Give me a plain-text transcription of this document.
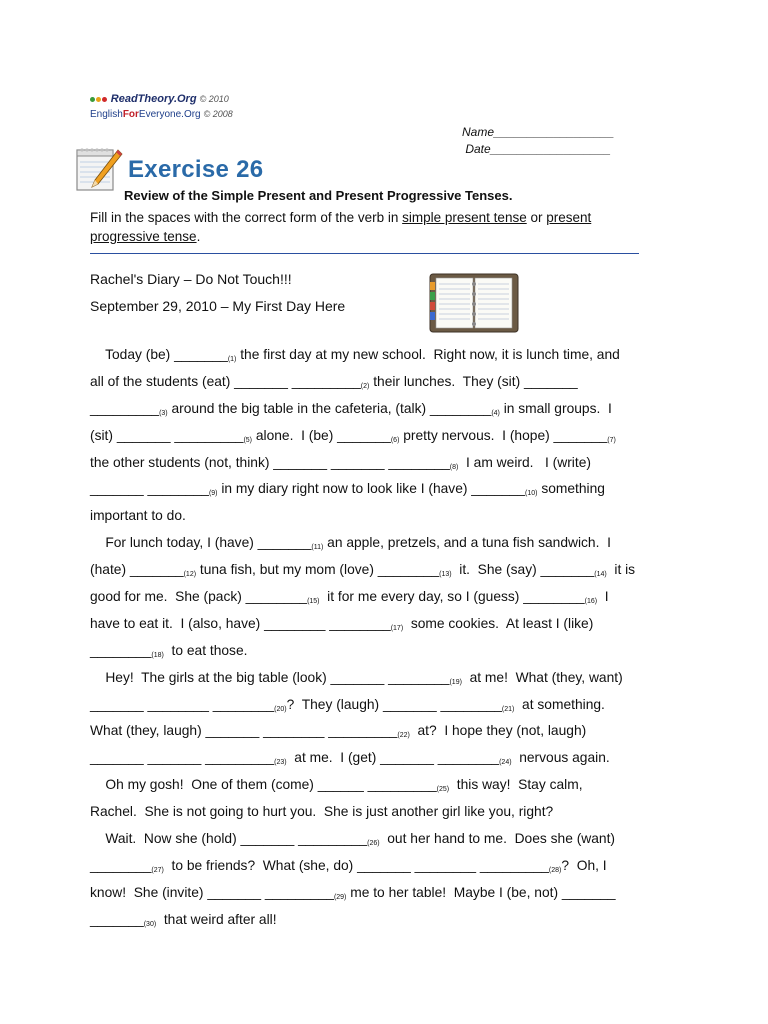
ReadTheory.Org © 2010
EnglishForEveryone.Org © 2008
Name__________________
Date__________________
Exercise 26
Review of the Simple Present and Present Progressive Tenses.
Fill in the spaces with the correct form of the verb in simple present tense or present progressive tense.
Rachel's Diary – Do Not Touch!!!
September 29, 2010 – My First Day Here
Today (be) _______(1) the first day at my new school.  Right now, it is lunch time, and
all of the students (eat) _______ _________(2) their lunches.  They (sit) _______
_________(3) around the big table in the cafeteria, (talk) ________(4) in small groups.  I
(sit) _______ _________(5) alone.  I (be) _______(6) pretty nervous.  I (hope) _______(7)
the other students (not, think) _______ _______ ________(8)  I am weird.   I (write)
_______ ________(9) in my diary right now to look like I (have) _______(10) something
important to do.
For lunch today, I (have) _______(11) an apple, pretzels, and a tuna fish sandwich.  I
(hate) _______(12) tuna fish, but my mom (love) ________(13)  it.  She (say) _______(14)  it is
good for me.  She (pack) ________(15)  it for me every day, so I (guess) ________(16)  I
have to eat it.  I (also, have) ________ ________(17)  some cookies.  At least I (like)
________(18)  to eat those.
Hey!  The girls at the big table (look) _______ ________(19)  at me!  What (they, want)
_______ ________ ________(20)?  They (laugh) _______ ________(21)  at something.
What (they, laugh) _______ ________ _________(22)  at?  I hope they (not, laugh)
_______ _______ _________(23)  at me.  I (get) _______ ________(24)  nervous again.
Oh my gosh!  One of them (come) ______ _________(25)  this way!  Stay calm,
Rachel.  She is not going to hurt you.  She is just another girl like you, right?
Wait.  Now she (hold) _______ _________(26)  out her hand to me.  Does she (want)
________(27)  to be friends?  What (she, do) _______ ________ _________(28)?  Oh, I
know!  She (invite) _______ _________(29) me to her table!  Maybe I (be, not) _______
_______(30)  that weird after all!
